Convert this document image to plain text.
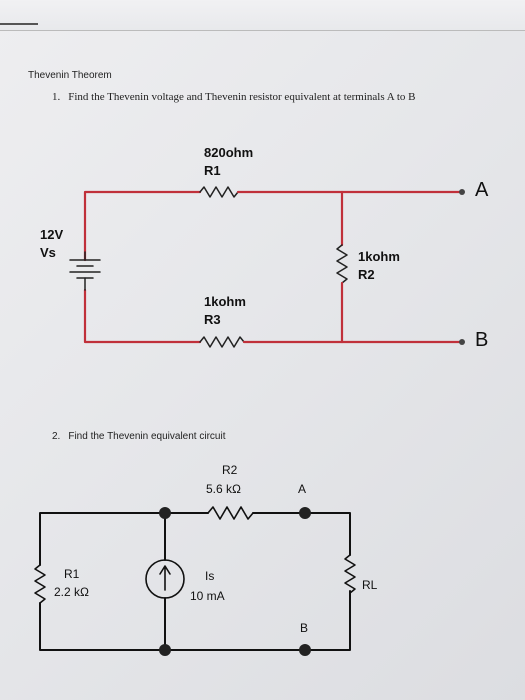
Thevenin Theorem
1. Find the Thevenin voltage and Thevenin resistor equivalent at terminals A to B
820ohm
R1
12V
Vs	1kohm
R2
1kohm
R3
A
B
2. Find the Thevenin equivalent circuit
R2
5.6 kΩ	A
R1
2.2 kΩ
Is
10 mA
RL
B
